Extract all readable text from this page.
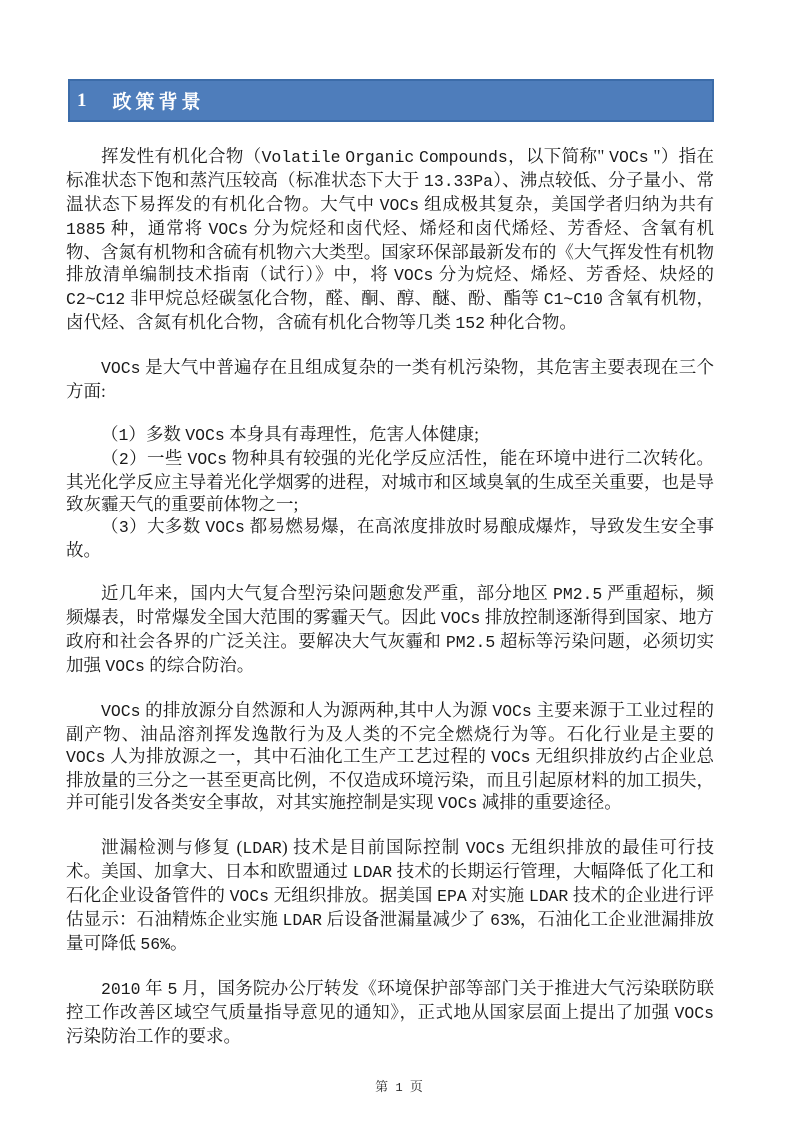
1 政策背景

挥发性有机化合物（Volatile Organic Compounds，以下简称" VOCs "）指在标准状态下饱和蒸汽压较高（标准状态下大于 13.33Pa）、沸点较低、分子量小、常温状态下易挥发的有机化合物。大气中 VOCs 组成极其复杂，美国学者归纳为共有 1885 种，通常将 VOCs 分为烷烃和卤代烃、烯烃和卤代烯烃、芳香烃、含氧有机物、含氮有机物和含硫有机物六大类型。国家环保部最新发布的《大气挥发性有机物排放清单编制技术指南（试行）》中，将 VOCs 分为烷烃、烯烃、芳香烃、炔烃的 C2~C12 非甲烷总烃碳氢化合物，醛、酮、醇、醚、酚、酯等 C1~C10 含氧有机物，卤代烃、含氮有机化合物，含硫有机化合物等几类 152 种化合物。

VOCs 是大气中普遍存在且组成复杂的一类有机污染物，其危害主要表现在三个方面:

（1）多数 VOCs 本身具有毒理性，危害人体健康;

（2）一些 VOCs 物种具有较强的光化学反应活性，能在环境中进行二次转化。其光化学反应主导着光化学烟雾的进程，对城市和区域臭氧的生成至关重要，也是导致灰霾天气的重要前体物之一;

（3）大多数 VOCs 都易燃易爆，在高浓度排放时易酿成爆炸，导致发生安全事故。

近几年来，国内大气复合型污染问题愈发严重，部分地区 PM2.5 严重超标，频频爆表，时常爆发全国大范围的雾霾天气。因此 VOCs 排放控制逐渐得到国家、地方政府和社会各界的广泛关注。要解决大气灰霾和 PM2.5 超标等污染问题，必须切实加强 VOCs 的综合防治。

VOCs 的排放源分自然源和人为源两种,其中人为源 VOCs 主要来源于工业过程的副产物、油品溶剂挥发逸散行为及人类的不完全燃烧行为等。石化行业是主要的 VOCs 人为排放源之一，其中石油化工生产工艺过程的 VOCs 无组织排放约占企业总排放量的三分之一甚至更高比例，不仅造成环境污染，而且引起原材料的加工损失，并可能引发各类安全事故，对其实施控制是实现 VOCs 减排的重要途径。

泄漏检测与修复 (LDAR) 技术是目前国际控制 VOCs 无组织排放的最佳可行技术。美国、加拿大、日本和欧盟通过 LDAR 技术的长期运行管理，大幅降低了化工和石化企业设备管件的 VOCs 无组织排放。据美国 EPA 对实施 LDAR 技术的企业进行评估显示：石油精炼企业实施 LDAR 后设备泄漏量减少了 63%，石油化工企业泄漏排放量可降低 56%。

2010 年 5 月，国务院办公厅转发《环境保护部等部门关于推进大气污染联防联控工作改善区域空气质量指导意见的通知》，正式地从国家层面上提出了加强 VOCs 污染防治工作的要求。

第 1 页
